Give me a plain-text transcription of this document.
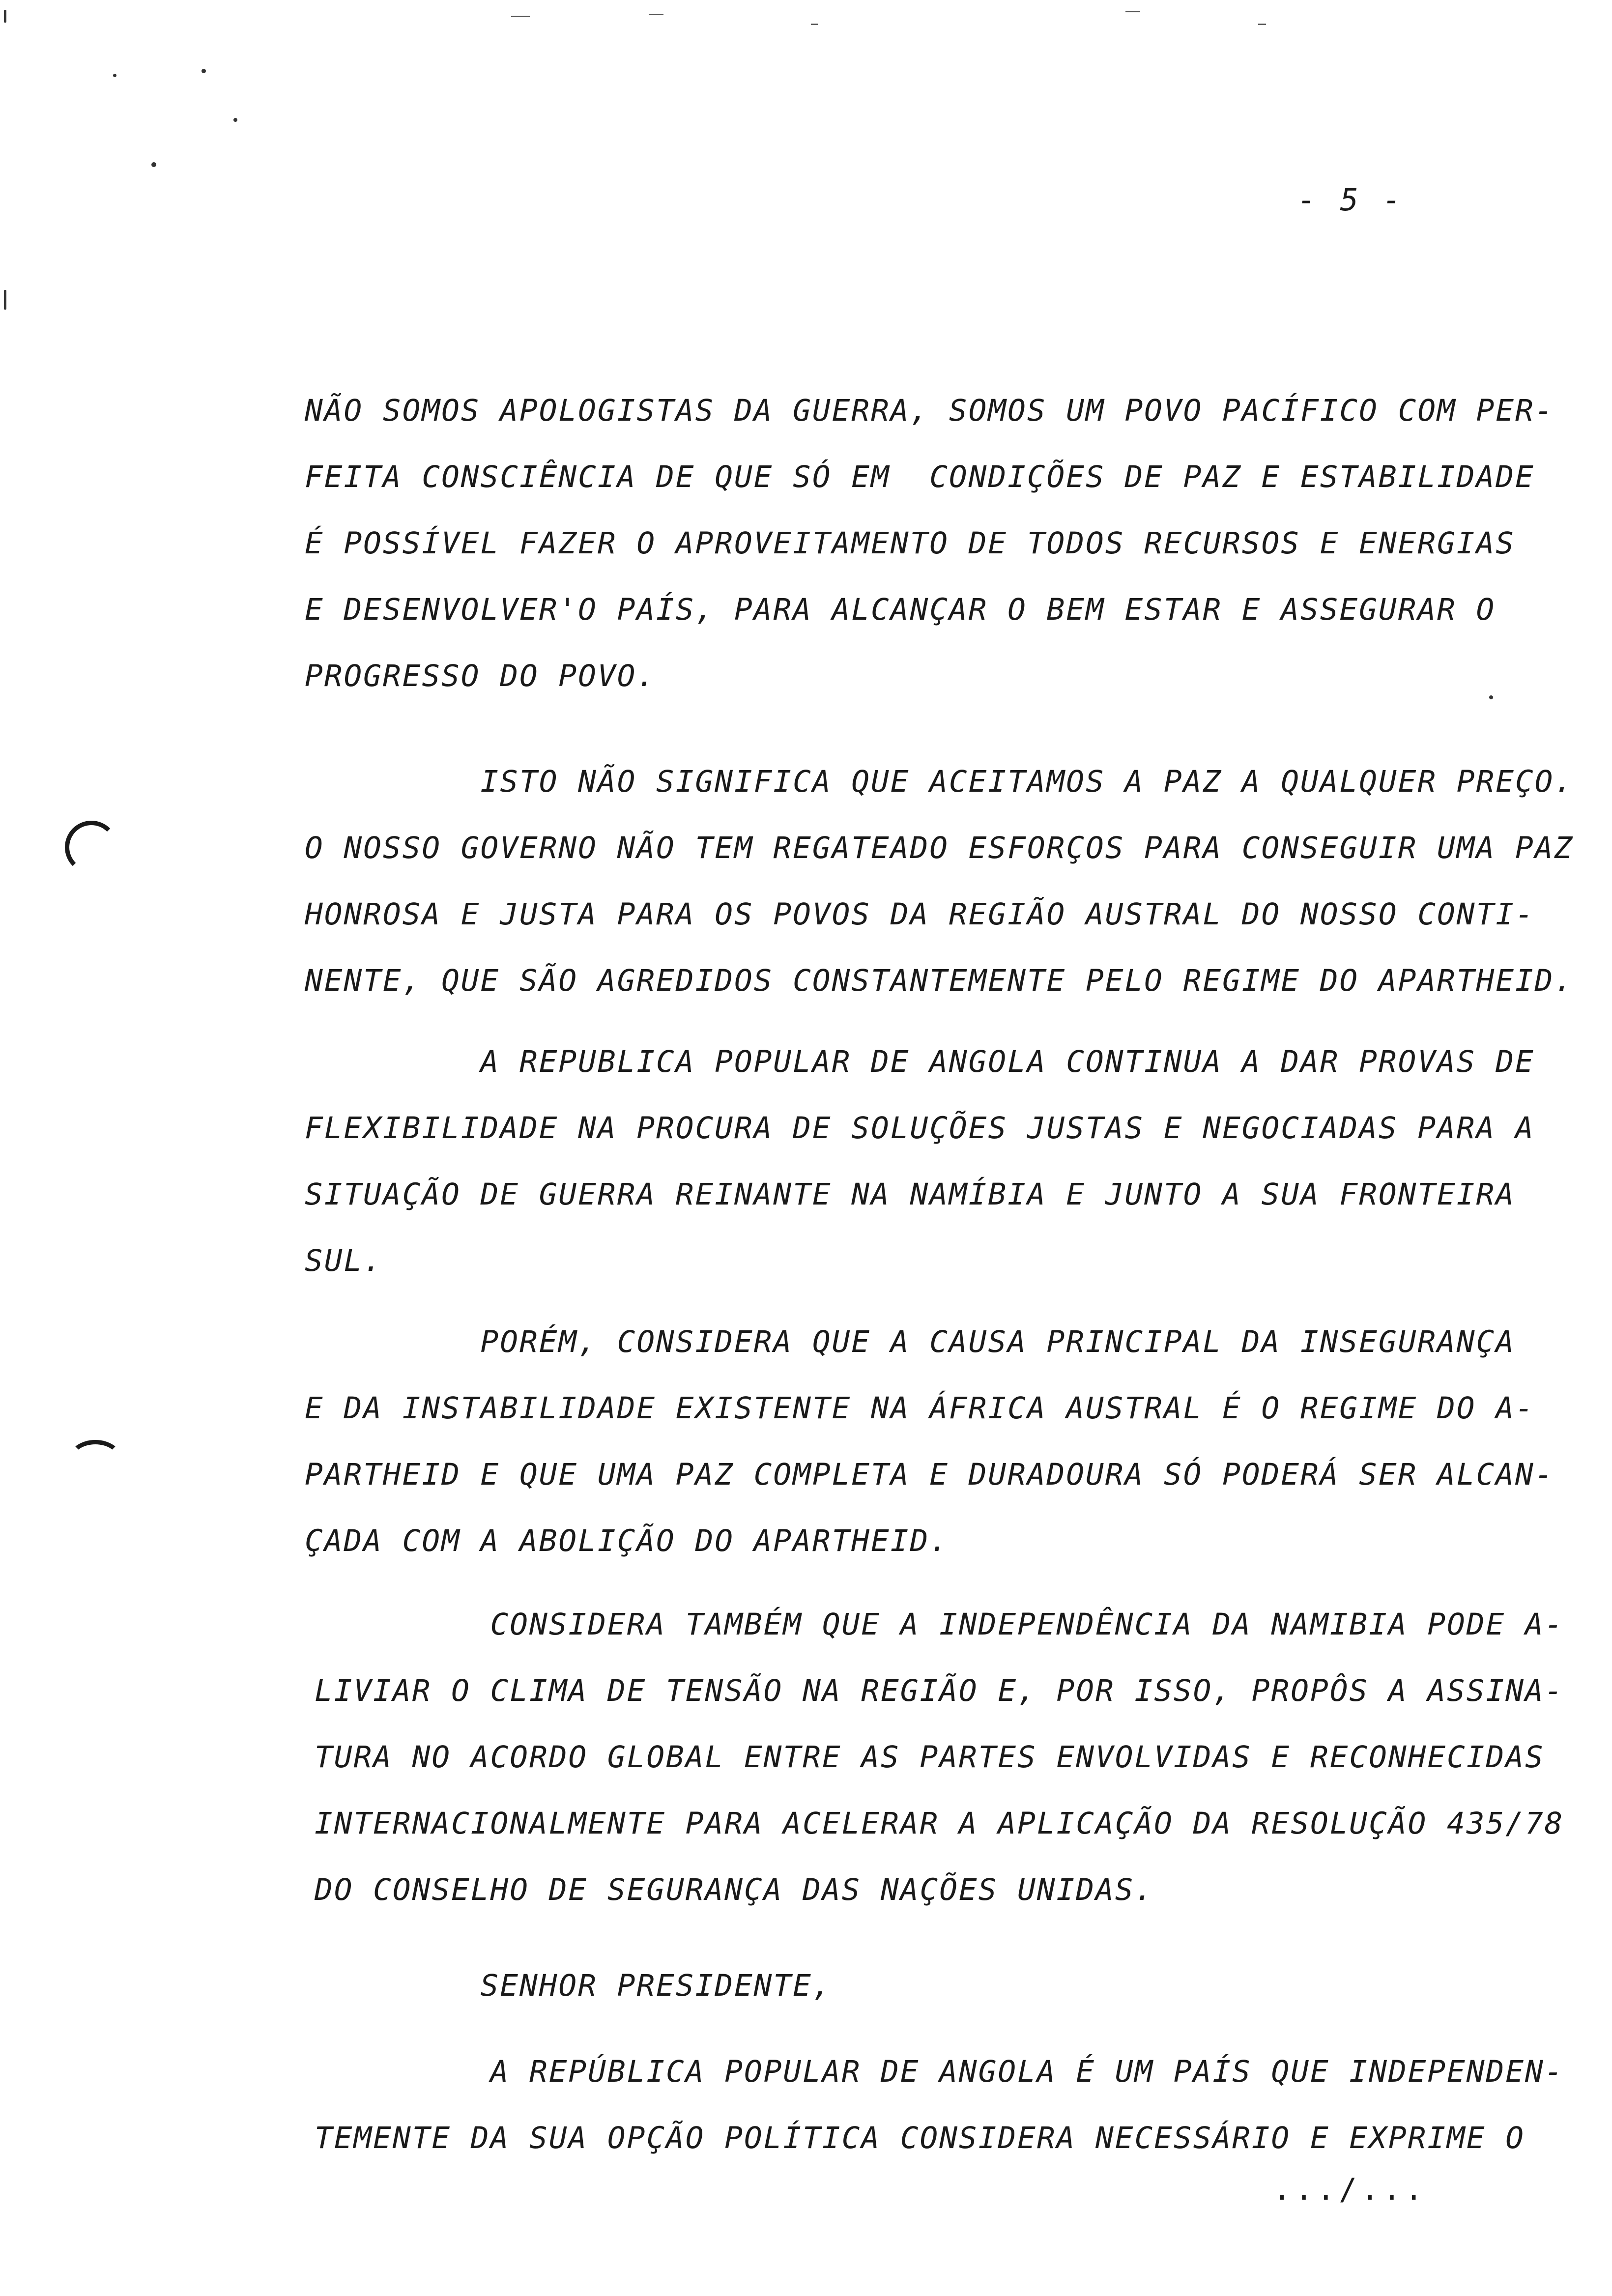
- 5 -
NÃO SOMOS APOLOGISTAS DA GUERRA, SOMOS UM POVO PACÍFICO COM PER-
FEITA CONSCIÊNCIA DE QUE SÓ EM  CONDIÇÕES DE PAZ E ESTABILIDADE
É POSSÍVEL FAZER O APROVEITAMENTO DE TODOS RECURSOS E ENERGIAS
E DESENVOLVER'O PAÍS, PARA ALCANÇAR O BEM ESTAR E ASSEGURAR O
PROGRESSO DO POVO.
ISTO NÃO SIGNIFICA QUE ACEITAMOS A PAZ A QUALQUER PREÇO.
O NOSSO GOVERNO NÃO TEM REGATEADO ESFORÇOS PARA CONSEGUIR UMA PAZ
HONROSA E JUSTA PARA OS POVOS DA REGIÃO AUSTRAL DO NOSSO CONTI-
NENTE, QUE SÃO AGREDIDOS CONSTANTEMENTE PELO REGIME DO APARTHEID.
A REPUBLICA POPULAR DE ANGOLA CONTINUA A DAR PROVAS DE
FLEXIBILIDADE NA PROCURA DE SOLUÇÕES JUSTAS E NEGOCIADAS PARA A
SITUAÇÃO DE GUERRA REINANTE NA NAMÍBIA E JUNTO A SUA FRONTEIRA
SUL.
PORÉM, CONSIDERA QUE A CAUSA PRINCIPAL DA INSEGURANÇA
E DA INSTABILIDADE EXISTENTE NA ÁFRICA AUSTRAL É O REGIME DO A-
PARTHEID E QUE UMA PAZ COMPLETA E DURADOURA SÓ PODERÁ SER ALCAN-
ÇADA COM A ABOLIÇÃO DO APARTHEID.
CONSIDERA TAMBÉM QUE A INDEPENDÊNCIA DA NAMIBIA PODE A-
LIVIAR O CLIMA DE TENSÃO NA REGIÃO E, POR ISSO, PROPÔS A ASSINA-
TURA NO ACORDO GLOBAL ENTRE AS PARTES ENVOLVIDAS E RECONHECIDAS
INTERNACIONALMENTE PARA ACELERAR A APLICAÇÃO DA RESOLUÇÃO 435/78
DO CONSELHO DE SEGURANÇA DAS NAÇÕES UNIDAS.
SENHOR PRESIDENTE,
A REPÚBLICA POPULAR DE ANGOLA É UM PAÍS QUE INDEPENDEN-
TEMENTE DA SUA OPÇÃO POLÍTICA CONSIDERA NECESSÁRIO E EXPRIME O
.../...
